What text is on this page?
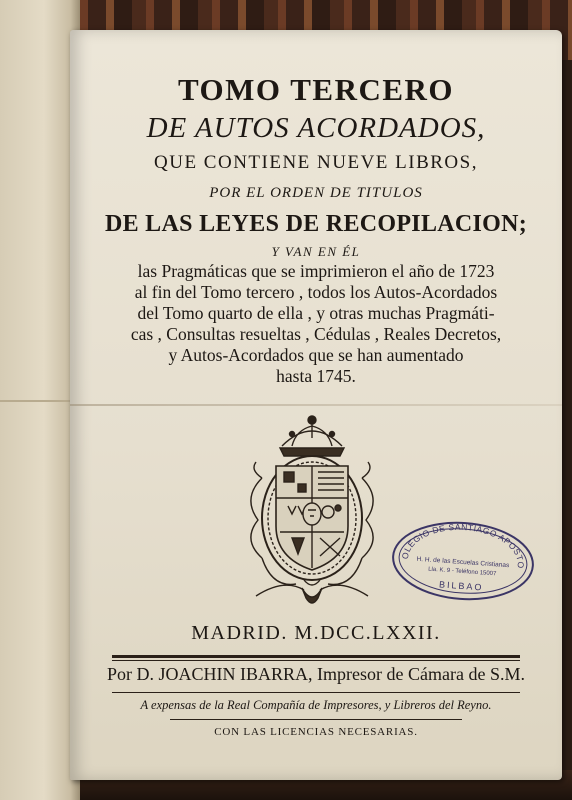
TOMO TERCERO
DE AUTOS ACORDADOS,
QUE CONTIENE NUEVE LIBROS,
POR EL ORDEN DE TITULOS
DE LAS LEYES DE RECOPILACION;
Y VAN EN ÉL
las Pragmáticas que se imprimieron el año de 1723
al fin del Tomo tercero , todos los Autos-Acordados
del Tomo quarto de ella , y otras muchas Pragmáti-
cas , Consultas resueltas , Cédulas , Reales Decretos,
y Autos-Acordados que se han aumentado
hasta 1745.
COLEGIO DE SANTIAGO APOSTOL
H. H. de las Escuelas Cristianas
Lla. K. 9 - Teléfono 15007
BILBAO
MADRID. M.DCC.LXXII.
Por D. JOACHIN IBARRA, Impresor de Cámara de S.M.
A expensas de la Real Compañía de Impresores, y Libreros del Reyno.
CON LAS LICENCIAS NECESARIAS.
